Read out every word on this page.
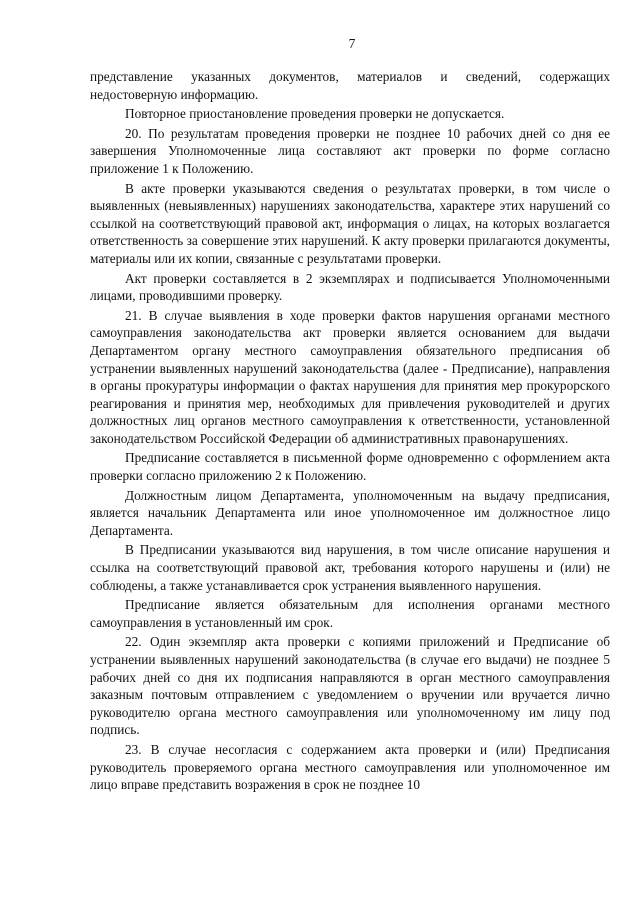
7

представление указанных документов, материалов и сведений, содержащих недостоверную информацию.

Повторное приостановление проведения проверки не допускается.

20. По результатам проведения проверки не позднее 10 рабочих дней со дня ее завершения Уполномоченные лица составляют акт проверки по форме согласно приложение 1 к Положению.

В акте проверки указываются сведения о результатах проверки, в том числе о выявленных (невыявленных) нарушениях законодательства, характере этих нарушений со ссылкой на соответствующий правовой акт, информация о лицах, на которых возлагается ответственность за совершение этих нарушений. К акту проверки прилагаются документы, материалы или их копии, связанные с результатами проверки.

Акт проверки составляется в 2 экземплярах и подписывается Уполномоченными лицами, проводившими проверку.

21. В случае выявления в ходе проверки фактов нарушения органами местного самоуправления законодательства акт проверки является основанием для выдачи Департаментом органу местного самоуправления обязательного предписания об устранении выявленных нарушений законодательства (далее - Предписание), направления в органы прокуратуры информации о фактах нарушения для принятия мер прокурорского реагирования и принятия мер, необходимых для привлечения руководителей и других должностных лиц органов местного самоуправления к ответственности, установленной законодательством Российской Федерации об административных правонарушениях.

Предписание составляется в письменной форме одновременно с оформлением акта проверки согласно приложению 2 к Положению.

Должностным лицом Департамента, уполномоченным на выдачу предписания, является начальник Департамента или иное уполномоченное им должностное лицо Департамента.

В Предписании указываются вид нарушения, в том числе описание нарушения и ссылка на соответствующий правовой акт, требования которого нарушены и (или) не соблюдены, а также устанавливается срок устранения выявленного нарушения.

Предписание является обязательным для исполнения органами местного самоуправления в установленный им срок.

22. Один экземпляр акта проверки с копиями приложений и Предписание об устранении выявленных нарушений законодательства (в случае его выдачи) не позднее 5 рабочих дней со дня их подписания направляются в орган местного самоуправления заказным почтовым отправлением с уведомлением о вручении или вручается лично руководителю органа местного самоуправления или уполномоченному им лицу под подпись.

23. В случае несогласия с содержанием акта проверки и (или) Предписания руководитель проверяемого органа местного самоуправления или уполномоченное им лицо вправе представить возражения в срок не позднее 10
